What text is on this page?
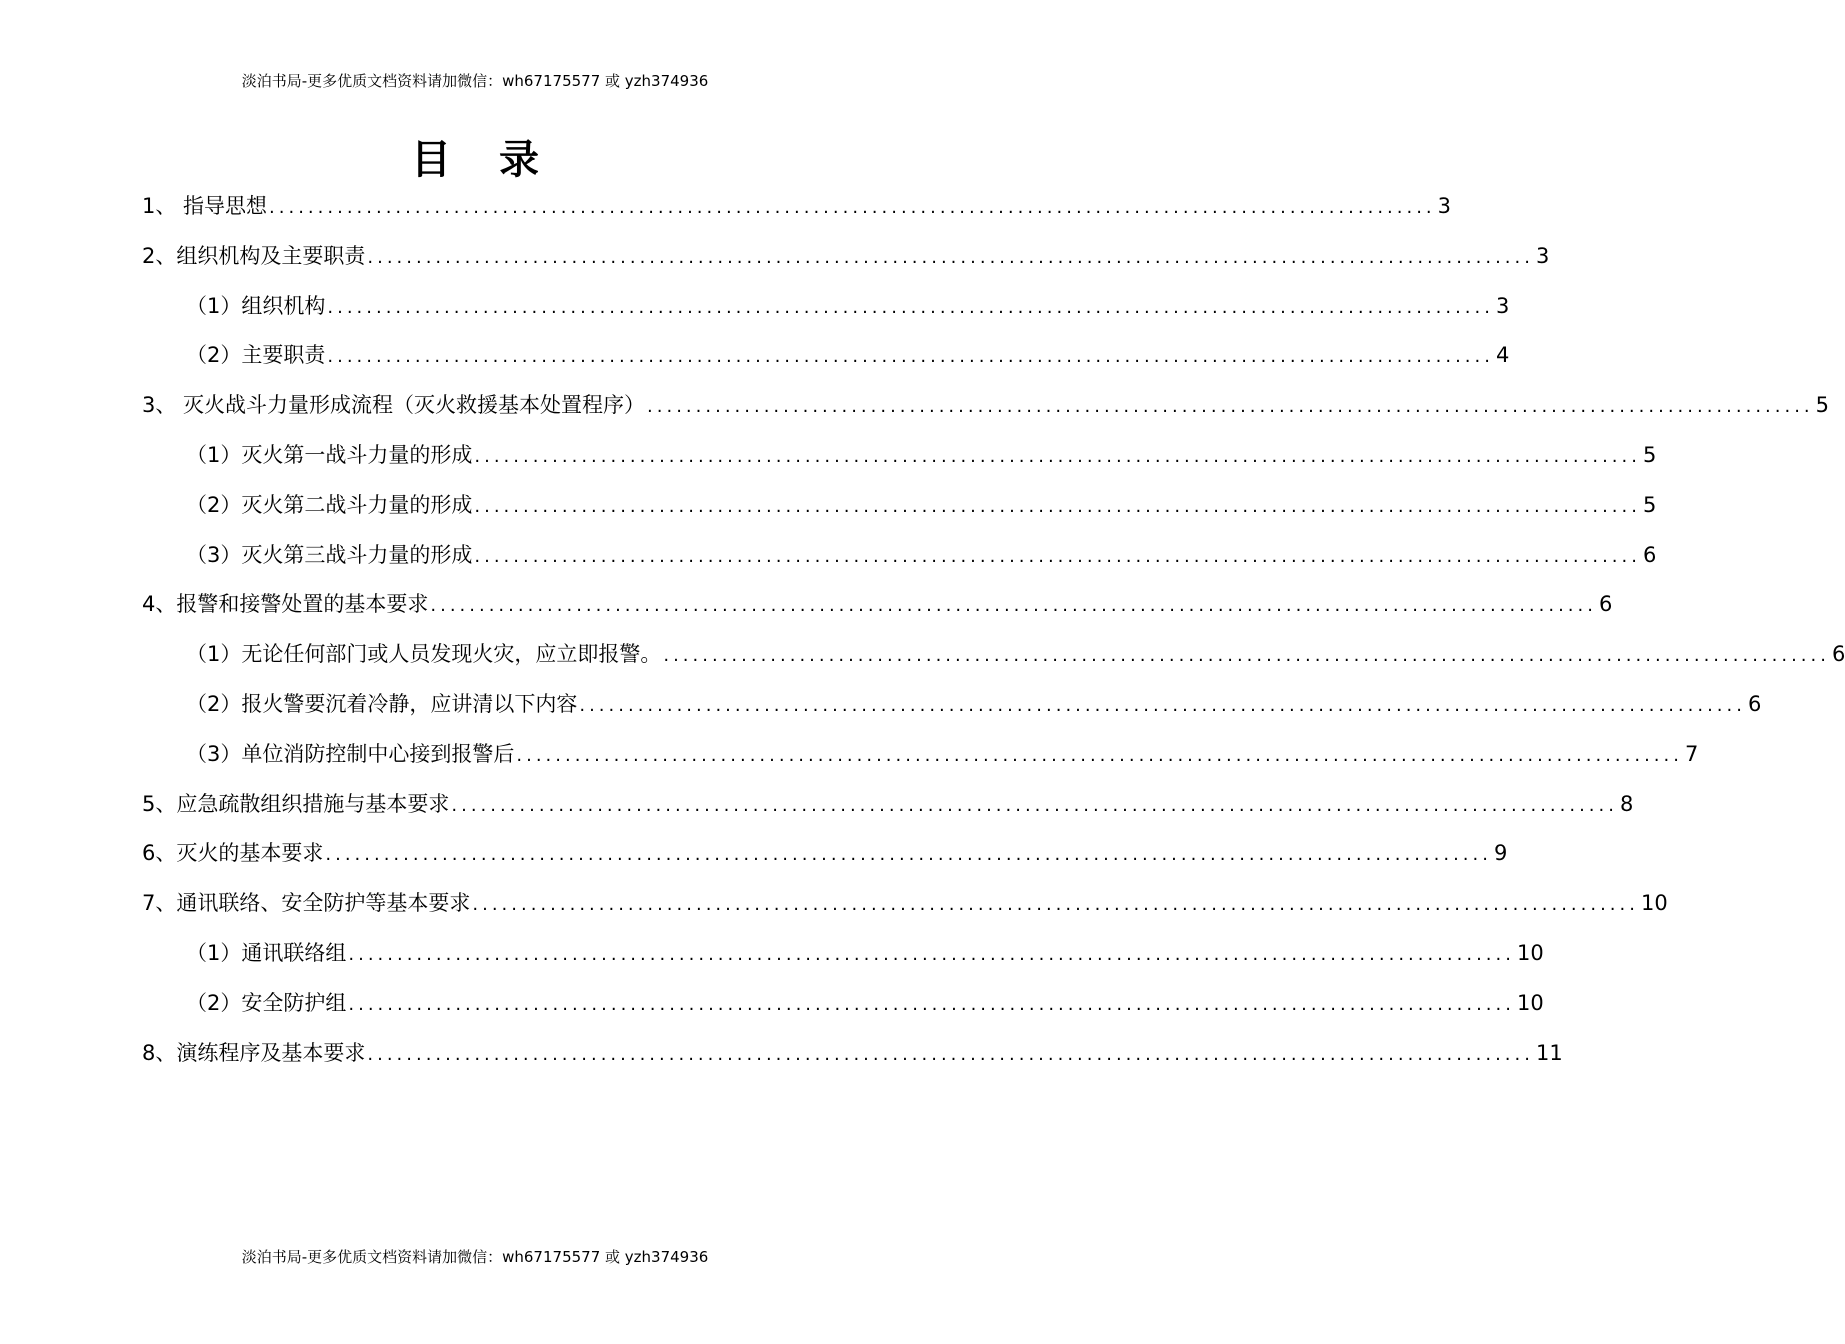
淡泊书局-更多优质文档资料请加微信：wh67175577 或 yzh374936
目录
1、 指导思想 ........................................................................................................................ 3
2、组织机构及主要职责 ........................................................................................................................ 3
（1）组织机构 ........................................................................................................................ 3
（2）主要职责 ........................................................................................................................ 4
3、 灭火战斗力量形成流程（灭火救援基本处置程序） ........................................................................................................................ 5
（1）灭火第一战斗力量的形成 ........................................................................................................................ 5
（2）灭火第二战斗力量的形成 ........................................................................................................................ 5
（3）灭火第三战斗力量的形成 ........................................................................................................................ 6
4、报警和接警处置的基本要求 ........................................................................................................................ 6
（1）无论任何部门或人员发现火灾，应立即报警。 ........................................................................................................................ 6
（2）报火警要沉着冷静，应讲清以下内容 ........................................................................................................................ 6
（3）单位消防控制中心接到报警后 ........................................................................................................................ 7
5、应急疏散组织措施与基本要求 ........................................................................................................................ 8
6、灭火的基本要求 ........................................................................................................................ 9
7、通讯联络、安全防护等基本要求 ........................................................................................................................ 10
（1）通讯联络组 ........................................................................................................................ 10
（2）安全防护组 ........................................................................................................................ 10
8、演练程序及基本要求 ........................................................................................................................ 11
淡泊书局-更多优质文档资料请加微信：wh67175577 或 yzh374936
